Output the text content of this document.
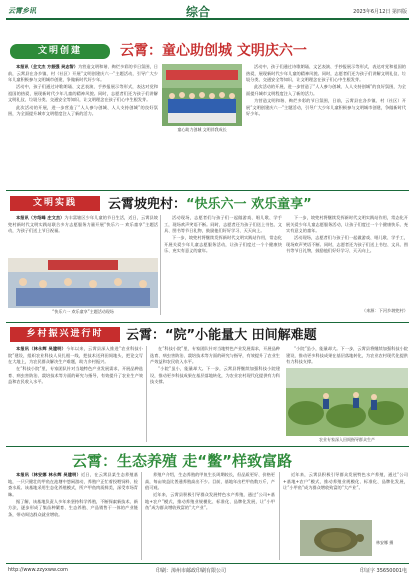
云霄乡讯	综合	2023年6月12日 第四版
文明创建	云霄：童心助创城 文明庆六一

本报讯（全文杰 方振强 吴志智）为营造文明和谐、绚烂多彩的节日氛围，日前，云霄县在各乡镇、村（社区）开展“文明创建庆六一”主题活动，引导广大少年儿童积极参与文明城市创建，争做新时代好少年。

活动中，孩子们通过诗歌朗诵、文艺表演、手抄报展示等形式，表达对党和祖国的热爱，展现新时代少年儿童的精神风貌。同时，志愿者们还为孩子们讲解文明礼仪、垃圾分类、交通安全等知识，让文明理念在孩子们心中生根发芽。

此次活动的开展，进一步营造了“人人参与创城、人人支持创城”的良好氛围，为全面提升城市文明程度注入了新的活力。

童心助力创城 文明伴我成长

活动中，孩子们通过诗歌朗诵、文艺表演、手抄报展示等形式，表达对党和祖国的热爱，展现新时代少年儿童的精神风貌。同时，志愿者们还为孩子们讲解文明礼仪、垃圾分类、交通安全等知识，让文明理念在孩子们心中生根发芽。

此次活动的开展，进一步营造了“人人参与创城、人人支持创城”的良好氛围，为全面提升城市文明程度注入了新的活力。

为营造文明和谐、绚烂多彩的节日氛围，日前，云霄县在各乡镇、村（社区）开展“文明创建庆六一”主题活动，引导广大少年儿童积极参与文明城市创建，争做新时代好少年。

文明实践	云霄坡兜村：“快乐六一 欢乐童享”

本报讯（方绍峰 庄文杰）为丰富辖区少年儿童的节日生活，近日，云霄县坡兜村新时代文明实践站联合多方志愿服务力量开展“快乐六一 欢乐童享”主题活动，为孩子们送上节日祝福。

“快乐六一 欢乐童享”主题活动现场

活动现场，志愿者们与孩子们一起做游戏、唱儿歌、学手工，现场欢声笑语不断。同时，志愿者还为孩子们送上书包、文具、图书等节日礼物，鼓励他们好好学习、天天向上。

下一步，坡兜村将继续发挥新时代文明实践站作用，常态化开展关爱少年儿童志愿服务活动，让孩子们度过一个个健康快乐、充实有意义的童年。

下一步，坡兜村将继续发挥新时代文明实践站作用，常态化开展关爱少年儿童志愿服务活动，让孩子们度过一个个健康快乐、充实有意义的童年。

活动现场，志愿者们与孩子们一起做游戏、唱儿歌、学手工，现场欢声笑语不断。同时，志愿者还为孩子们送上书包、文具、图书等节日礼物，鼓励他们好好学习、天天向上。

（来源：下河乡坡兜村）
乡村振兴进行时	云霄：“院”小能量大 田间解难题

本报讯（林永辉 吴建明）今年以来，云霄县深入推进“农业科技小院”建设，组织农业科技人员扎根一线，把技术送到田间地头，把论文写在大地上，为农民群众解决生产难题，助力乡村振兴。

在“科技小院”里，专家团队针对当地特色产业发展需求，开展品种选育、病虫害防治、栽培技术等方面的研究与指导，有效提升了农业生产效益和农民收入水平。

在“科技小院”里，专家团队针对当地特色产业发展需求，开展品种选育、病虫害防治、栽培技术等方面的研究与指导，有效提升了农业生产效益和农民收入水平。

“小院”虽小，能量却大。下一步，云霄县将继续加强科技小院建设，推动更多科技成果在基层落地转化，为农业农村现代化提供有力科技支撑。

“小院”虽小，能量却大。下一步，云霄县将继续加强科技小院建设，推动更多科技成果在基层落地转化，为农业农村现代化提供有力科技支撑。

农业专家深入田间指导群众生产
云霄：生态养殖 走“鳖”样致富路

本报讯（林安娜 林永辉 吴建明）近日，在云霄县某生态养殖基地，一只只健壮的甲鱼在池塘中悠闲游动，养殖户正忙着投喂饲料、检查水质。该基地采用生态化养殖模式，所产甲鱼肉质鲜美，深受市场青睐。

据了解，该基地负责人多年来坚持科学养殖，不断探索新技术、新方法，逐步形成了集苗种繁育、生态养殖、产品销售于一体的产业链条，带动周边群众就业增收。

养殖户介绍，生态养殖的甲鱼生长周期较长，但品质更好、价格更高，每亩效益比普通养殖高出不少。目前，基地年出栏甲鱼数万斤，产值可观。

近年来，云霄县积极引导群众发展特色水产养殖，通过“公司+基地+农户”模式，推动养殖业规模化、标准化、品牌化发展，让“小甲鱼”成为群众增收致富的“大产业”。

近年来，云霄县积极引导群众发展特色水产养殖，通过“公司+基地+农户”模式，推动养殖业规模化、标准化、品牌化发展，让“小甲鱼”成为群众增收致富的“大产业”。

林安娜 摄
http://www.zzyxww.com	印刷：漳州市邮政印刷有限公司	印证字 35650001电
